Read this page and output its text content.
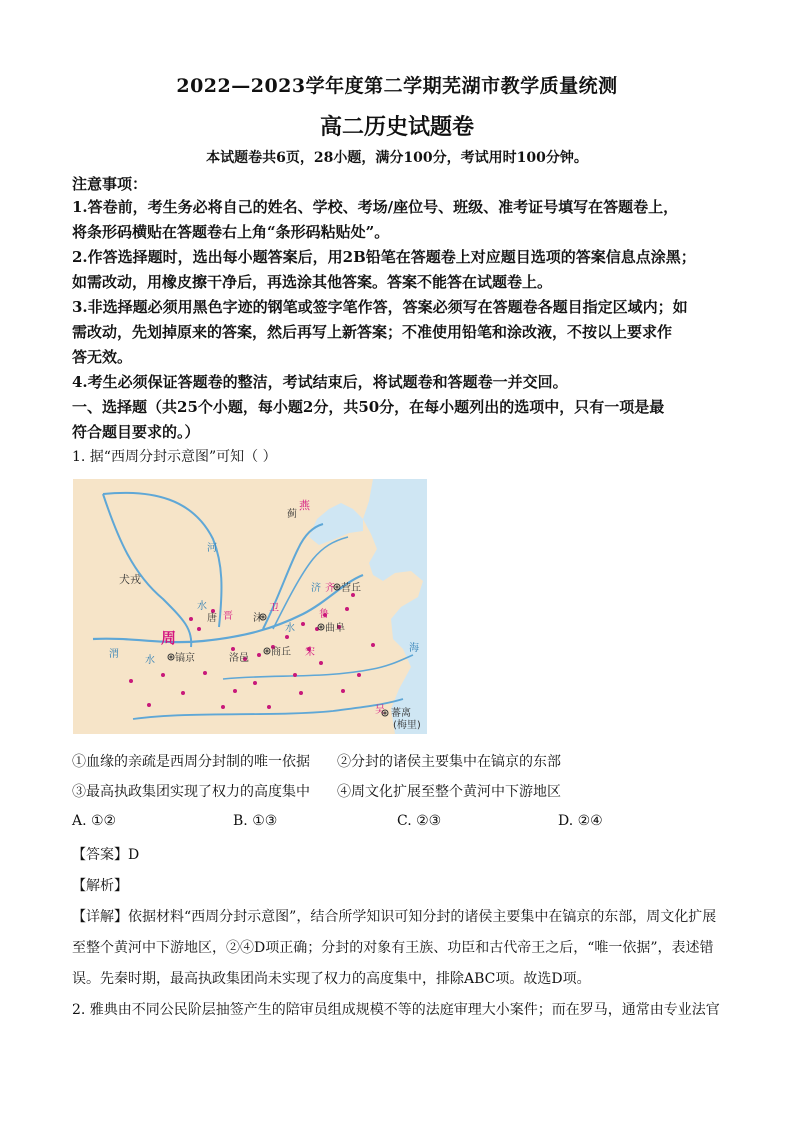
2022—2023学年度第二学期芜湖市教学质量统测
高二历史试题卷
本试题卷共6页，28小题，满分100分，考试用时100分钟。
注意事项：
1.答卷前，考生务必将自己的姓名、学校、考场/座位号、班级、准考证号填写在答题卷上，
将条形码横贴在答题卷右上角“条形码粘贴处”。
2.作答选择题时，选出每小题答案后，用2B铅笔在答题卷上对应题目选项的答案信息点涂黑；
如需改动，用橡皮擦干净后，再选涂其他答案。答案不能答在试题卷上。
3.非选择题必须用黑色字迹的钢笔或签字笔作答，答案必须写在答题卷各题目指定区域内；如
需改动，先划掉原来的答案，然后再写上新答案；不准使用铅笔和涂改液，不按以上要求作
答无效。
4.考生必须保证答题卷的整洁，考试结束后，将试题卷和答题卷一并交回。
一、选择题（共25个小题，每小题2分，共50分，在每小题列出的选项中，只有一项是最
符合题目要求的。）
1. 据“西周分封示意图”可知（ ）
燕
蓟
犬戎
河
济 齐 营丘
鲁
曲阜
卫
沫
晋
唐
水
周
镐京
渭
水	洛邑
商丘 宋
水
海
吴 蕃离
(梅里)
①血缘的亲疏是西周分封制的唯一依据 ②分封的诸侯主要集中在镐京的东部
③最高执政集团实现了权力的高度集中 ④周文化扩展至整个黄河中下游地区
A. ①②	B. ①③	C. ②③	D. ②④
【答案】D
【解析】
【详解】依据材料“西周分封示意图”，结合所学知识可知分封的诸侯主要集中在镐京的东部，周文化扩展
至整个黄河中下游地区，②④D项正确；分封的对象有王族、功臣和古代帝王之后，“唯一依据”，表述错
误。先秦时期，最高执政集团尚未实现了权力的高度集中，排除ABC项。故选D项。
2. 雅典由不同公民阶层抽签产生的陪审员组成规模不等的法庭审理大小案件；而在罗马，通常由专业法官
